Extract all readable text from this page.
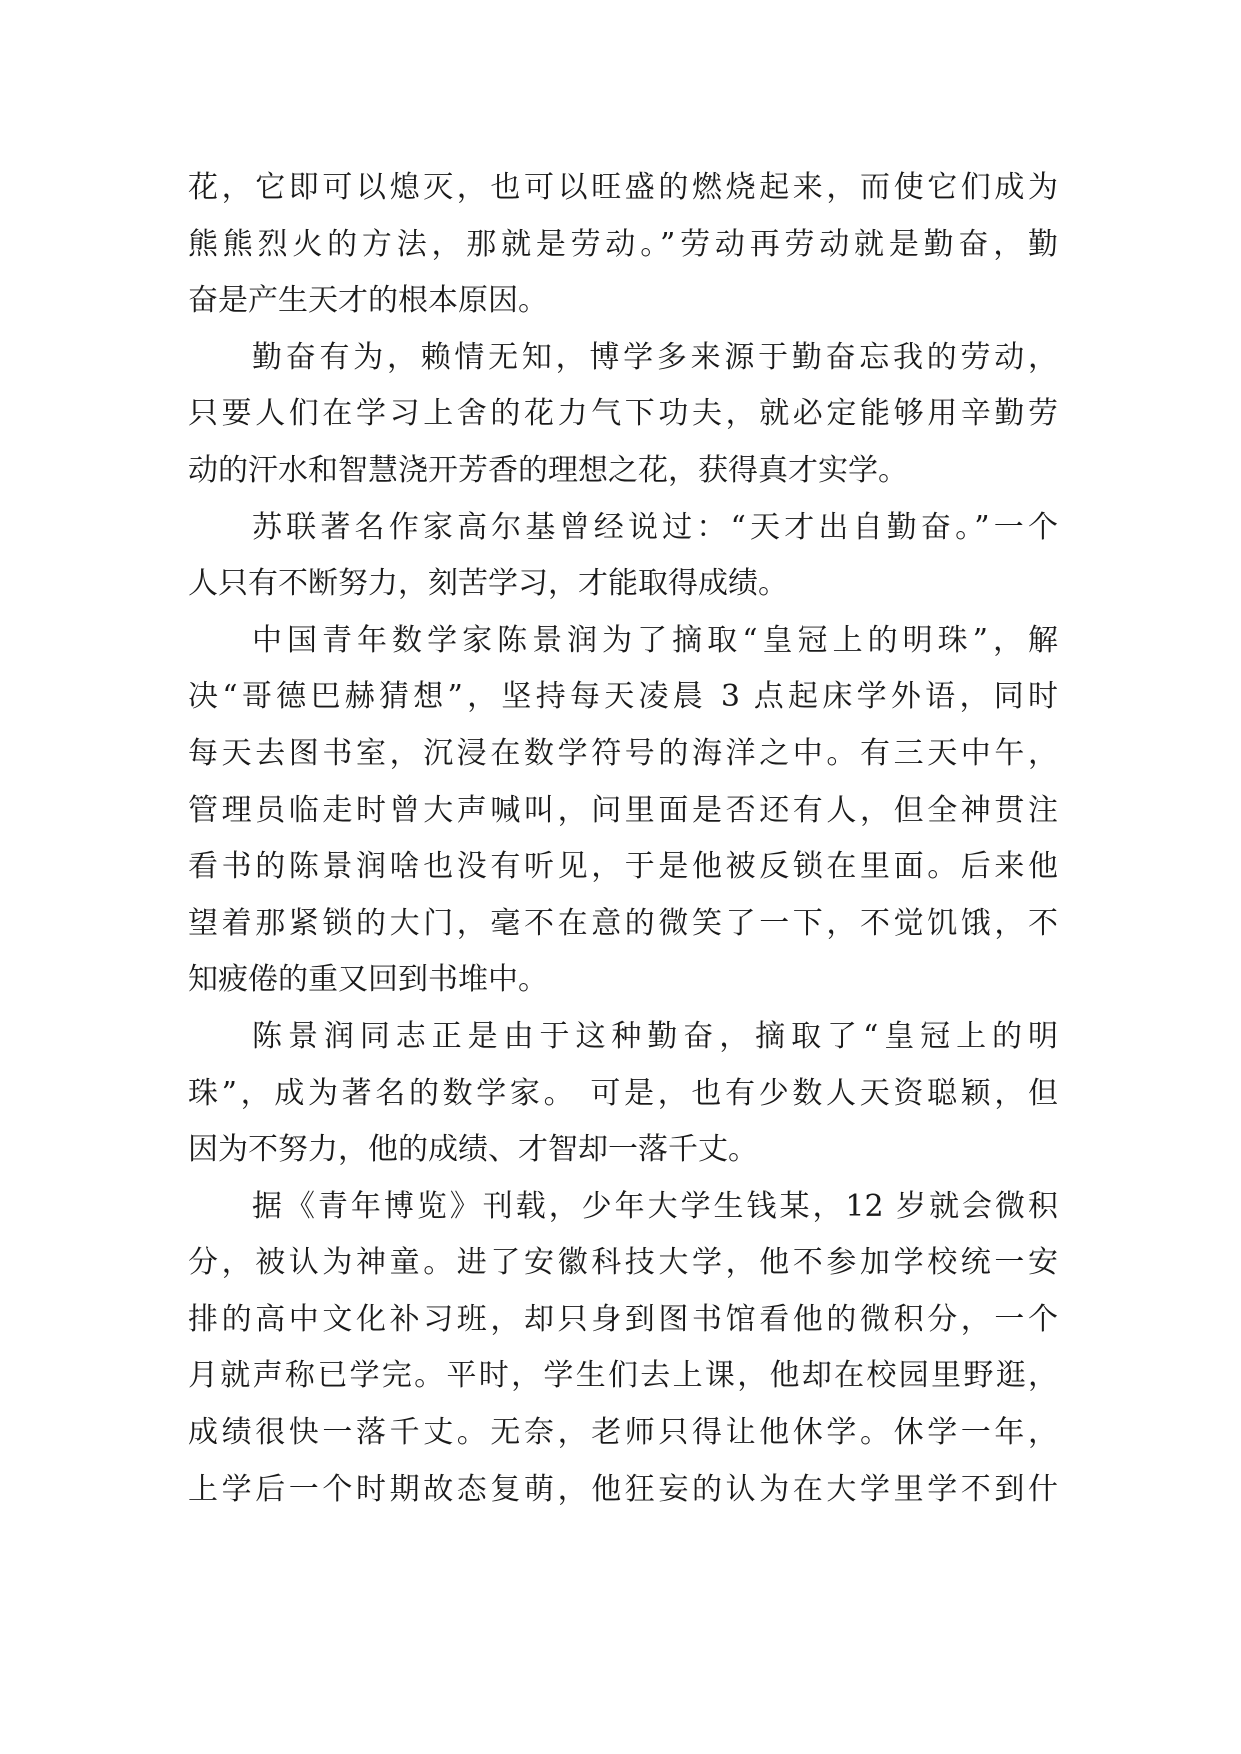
花，它即可以熄灭，也可以旺盛的燃烧起来，而使它们成为
熊熊烈火的方法，那就是劳动。”劳动再劳动就是勤奋，勤
奋是产生天才的根本原因。
勤奋有为，赖情无知，博学多来源于勤奋忘我的劳动，
只要人们在学习上舍的花力气下功夫，就必定能够用辛勤劳
动的汗水和智慧浇开芳香的理想之花，获得真才实学。
苏联著名作家高尔基曾经说过：“天才出自勤奋。”一个
人只有不断努力，刻苦学习，才能取得成绩。
中国青年数学家陈景润为了摘取“皇冠上的明珠”，解
决“哥德巴赫猜想”，坚持每天凌晨 3 点起床学外语，同时
每天去图书室，沉浸在数学符号的海洋之中。有三天中午，
管理员临走时曾大声喊叫，问里面是否还有人，但全神贯注
看书的陈景润啥也没有听见，于是他被反锁在里面。后来他
望着那紧锁的大门，毫不在意的微笑了一下，不觉饥饿，不
知疲倦的重又回到书堆中。
陈景润同志正是由于这种勤奋，摘取了“皇冠上的明
珠”，成为著名的数学家。 可是，也有少数人天资聪颖，但
因为不努力，他的成绩、才智却一落千丈。
据《青年博览》刊载，少年大学生钱某，12 岁就会微积
分，被认为神童。进了安徽科技大学，他不参加学校统一安
排的高中文化补习班，却只身到图书馆看他的微积分，一个
月就声称已学完。平时，学生们去上课，他却在校园里野逛，
成绩很快一落千丈。无奈，老师只得让他休学。休学一年，
上学后一个时期故态复萌，他狂妄的认为在大学里学不到什
